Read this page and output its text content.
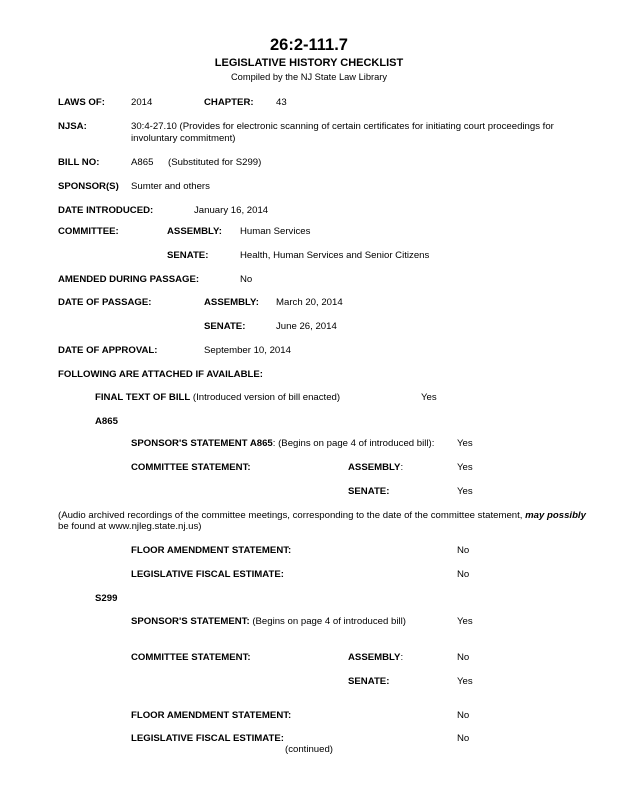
26:2-111.7
LEGISLATIVE HISTORY CHECKLIST
Compiled by the NJ State Law Library
LAWS OF:	2014	CHAPTER: 43
NJSA:	30:4-27.10 (Provides for electronic scanning of certain certificates for initiating court proceedings for
involuntary commitment)
BILL NO:	A865 (Substituted for S299)
SPONSOR(S) Sumter and others
DATE INTRODUCED:	January 16, 2014
COMMITTEE:	ASSEMBLY: Human Services
SENATE:	Health, Human Services and Senior Citizens
AMENDED DURING PASSAGE:	No
DATE OF PASSAGE:	ASSEMBLY: March 20, 2014
SENATE:	June 26, 2014
DATE OF APPROVAL:	September 10, 2014
FOLLOWING ARE ATTACHED IF AVAILABLE:
FINAL TEXT OF BILL (Introduced version of bill enacted)	Yes
A865
SPONSOR'S STATEMENT A865: (Begins on page 4 of introduced bill): Yes
COMMITTEE STATEMENT:	ASSEMBLY:	Yes
SENATE:	Yes
(Audio archived recordings of the committee meetings, corresponding to the date of the committee statement, may possibly
be found at www.njleg.state.nj.us)
FLOOR AMENDMENT STATEMENT:	No
LEGISLATIVE FISCAL ESTIMATE:	No
S299
SPONSOR'S STATEMENT: (Begins on page 4 of introduced bill)	Yes
COMMITTEE STATEMENT:	ASSEMBLY:	No
SENATE:	Yes
FLOOR AMENDMENT STATEMENT:	No
LEGISLATIVE FISCAL ESTIMATE:	No
(continued)
